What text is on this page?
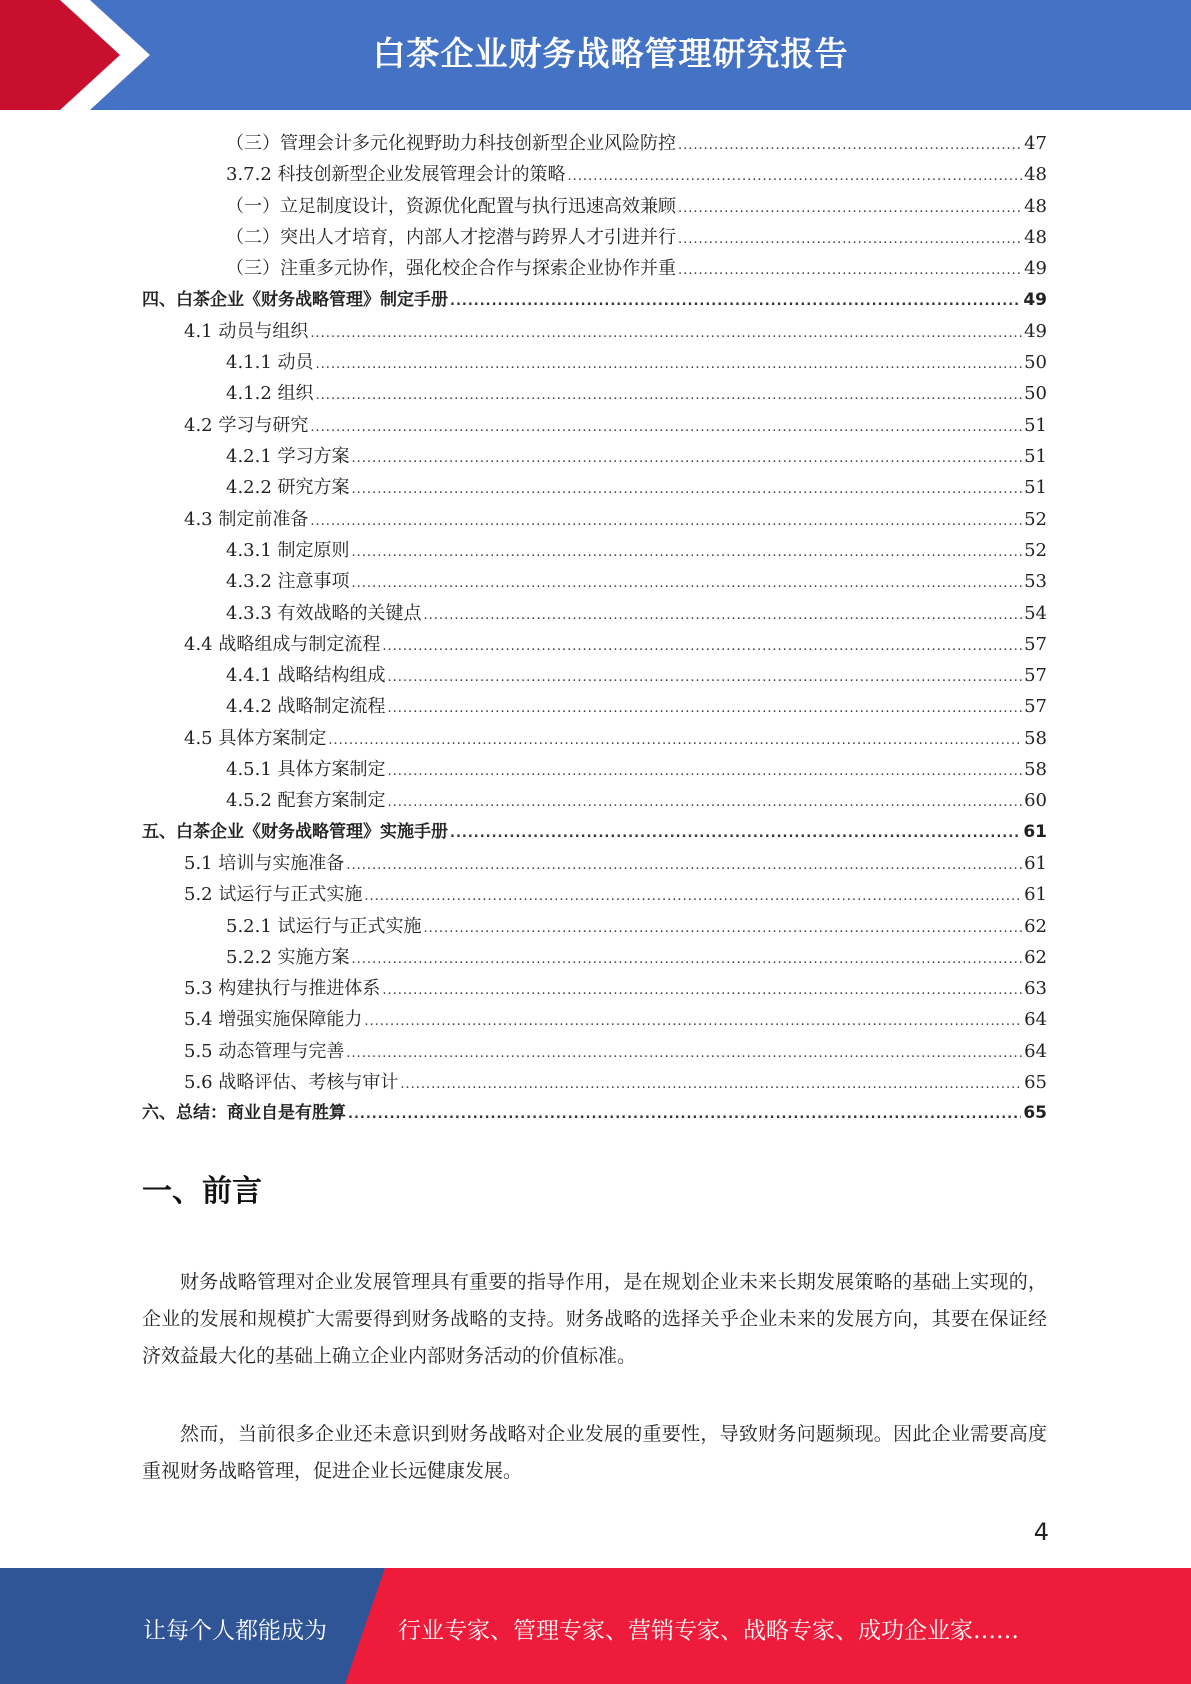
白茶企业财务战略管理研究报告
（三）管理会计多元化视野助力科技创新型企业风险防控 .....	47
3.7.2 科技创新型企业发展管理会计的策略 .....	48
（一）立足制度设计，资源优化配置与执行迅速高效兼顾 .....	48
（二）突出人才培育，内部人才挖潜与跨界人才引进并行 .....	48
（三）注重多元协作，强化校企合作与探索企业协作并重 .....	49
四、白茶企业《财务战略管理》制定手册 .....	49
4.1 动员与组织 .....	49
4.1.1 动员 .....	50
4.1.2 组织 .....	50
4.2 学习与研究 .....	51
4.2.1 学习方案 .....	51
4.2.2 研究方案 .....	51
4.3 制定前准备 .....	52
4.3.1 制定原则 .....	52
4.3.2 注意事项 .....	53
4.3.3 有效战略的关键点 .....	54
4.4 战略组成与制定流程 .....	57
4.4.1 战略结构组成 .....	57
4.4.2 战略制定流程 .....	57
4.5 具体方案制定 .....	58
4.5.1 具体方案制定 .....	58
4.5.2 配套方案制定 .....	60
五、白茶企业《财务战略管理》实施手册 .....	61
5.1 培训与实施准备 .....	61
5.2 试运行与正式实施 .....	61
5.2.1 试运行与正式实施 .....	62
5.2.2 实施方案 .....	62
5.3 构建执行与推进体系 .....	63
5.4 增强实施保障能力 .....	64
5.5 动态管理与完善 .....	64
5.6 战略评估、考核与审计 .....	65
六、总结：商业自是有胜算 .....	65
一、前言
财务战略管理对企业发展管理具有重要的指导作用，是在规划企业未来长期发展策略的基础上实现的，企业的发展和规模扩大需要得到财务战略的支持。财务战略的选择关乎企业未来的发展方向，其要在保证经济效益最大化的基础上确立企业内部财务活动的价值标准。
然而，当前很多企业还未意识到财务战略对企业发展的重要性，导致财务问题频现。因此企业需要高度重视财务战略管理，促进企业长远健康发展。
4
让每个人都能成为	行业专家、管理专家、营销专家、战略专家、成功企业家……
